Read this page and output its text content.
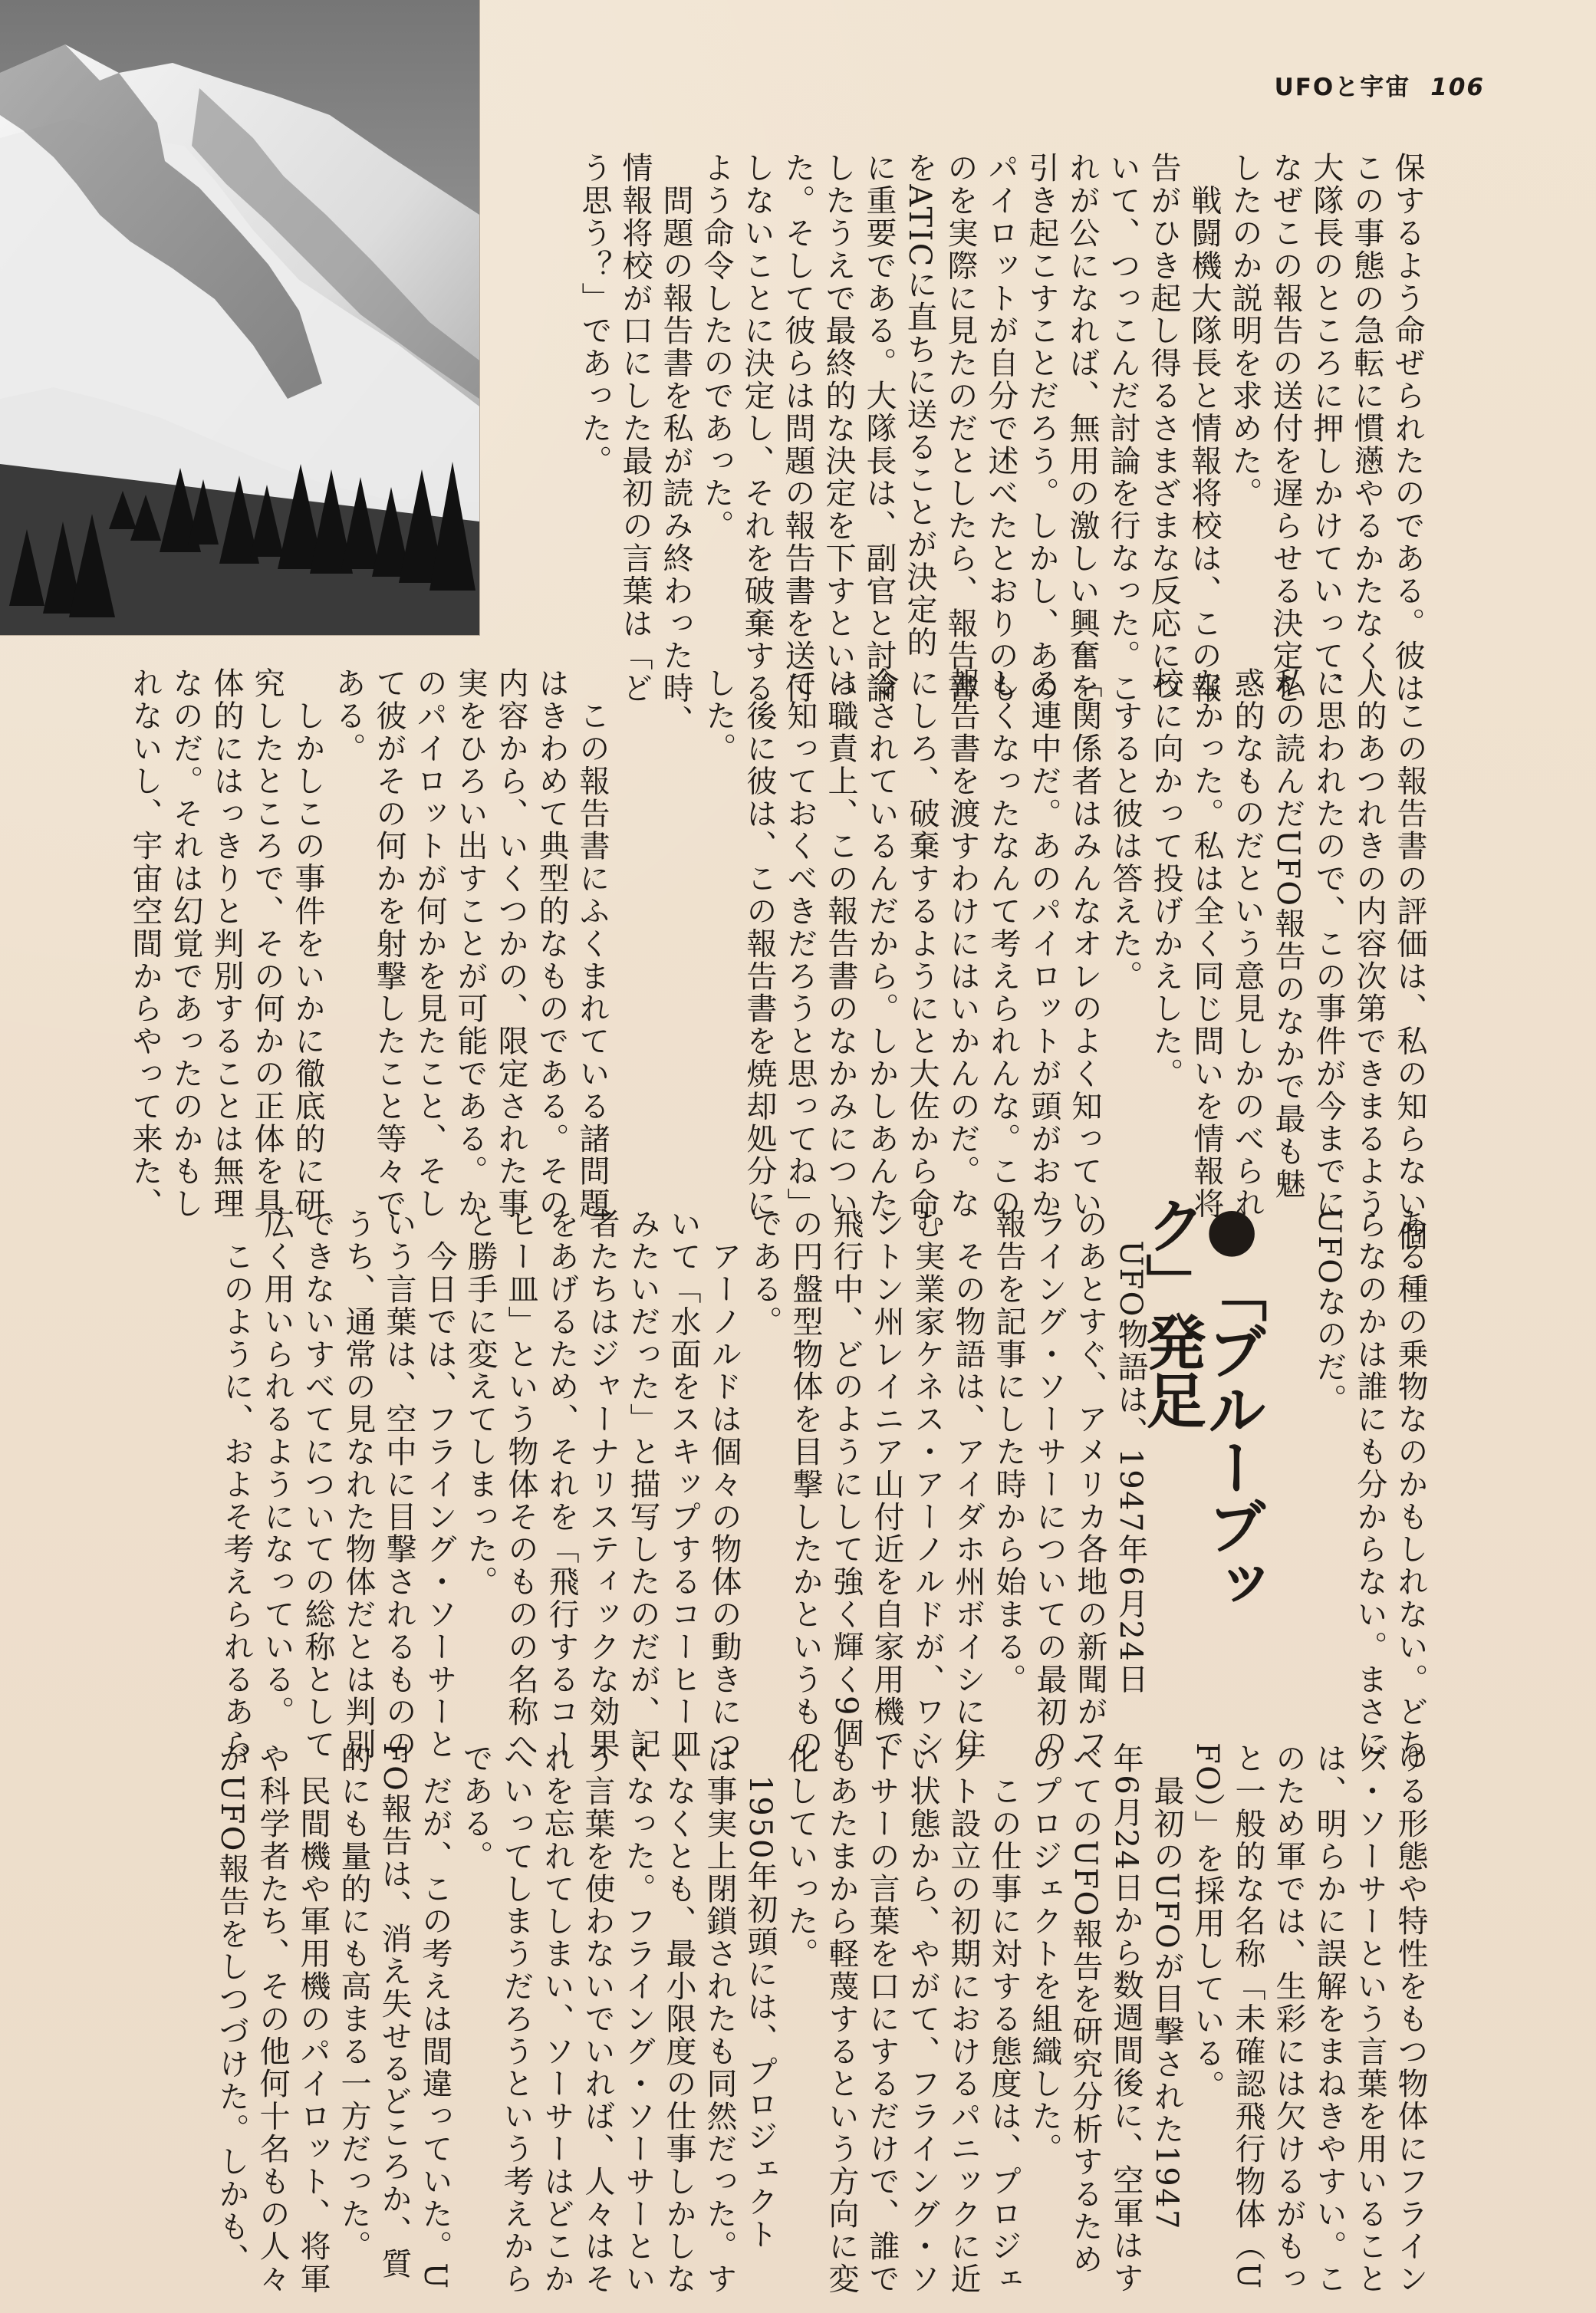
UFOと宇宙 106
保するよう命ぜられたのである。彼は
この事態の急転に慣懣やるかたなく、
大隊長のところに押しかけていって、
なぜこの報告の送付を遅らせる決定を
したのか説明を求めた。
　戦闘機大隊長と情報将校は、この報
告がひき起し得るさまざまな反応につ
いて、つっこんだ討論を行なった。こ
れが公になれば、無用の激しい興奮を
引き起こすことだろう。しかし、あの
パイロットが自分で述べたとおりのも
のを実際に見たのだとしたら、報告書
をATICに直ちに送ることが決定的
に重要である。大隊長は、副官と討論
したうえで最終的な決定を下すといっ
た。そして彼らは問題の報告書を送付
しないことに決定し、それを破棄する
よう命令したのであった。
　問題の報告書を私が読み終わった時、
情報将校が口にした最初の言葉は「ど
う思う？」であった。
　この報告書の評価は、私の知らない個
人的あつれきの内容次第できまるよう
に思われたので、この事件が今までに
私の読んだUFO報告のなかで最も魅
惑的なものだという意見しかのべられ
なかった。私は全く同じ問いを情報将
校に向かって投げかえした。
　すると彼は答えた。
「関係者はみんなオレのよく知ってい
る連中だ。あのパイロットが頭がおか
しくなったなんて考えられんな。この
報告書を渡すわけにはいかんのだ。な
にしろ、破棄するようにと大佐から命
令されているんだから。しかしあんた
は職責上、この報告書のなかみについ
て知っておくべきだろうと思ってね」
　後に彼は、この報告書を焼却処分に
した。
　この報告書にふくまれている諸問題
はきわめて典型的なものである。その
内容から、いくつかの、限定された事
実をひろい出すことが可能である。か
のパイロットが何かを見たこと、そし
て彼がその何かを射撃したこと等々で
ある。
　しかしこの事件をいかに徹底的に研
究したところで、その何かの正体を具
体的にはっきりと判別することは無理
なのだ。それは幻覚であったのかもし
れないし、宇宙空間からやって来た、
ある種の乗物なのかもしれない。どち
らなのかは誰にも分からない。まさに、
UFOなのだ。
●「ブルーブッ
ク」発足
　UFO物語は、1947年6月24日
のあとすぐ、アメリカ各地の新聞がフ
ライング・ソーサーについての最初の
報告を記事にした時から始まる。
　その物語は、アイダホ州ボイシに住
む実業家ケネス・アーノルドが、ワシ
ントン州レイニア山付近を自家用機で
飛行中、どのようにして強く輝く9個
の円盤型物体を目撃したかというもの
である。
　アーノルドは個々の物体の動きにつ
いて「水面をスキップするコーヒー皿
みたいだった」と描写したのだが、記
者たちはジャーナリスティックな効果
をあげるため、それを「飛行するコー
ヒー皿」という物体そのものの名称へ
と勝手に変えてしまった。
　今日では、フライング・ソーサーと
いう言葉は、空中に目撃されるものの
うち、通常の見なれた物体だとは判別
できないすべてについての総称として
広く用いられるようになっている。
　このように、およそ考えられるあら
ゆる形態や特性をもつ物体にフライン
グ・ソーサーという言葉を用いること
は、明らかに誤解をまねきやすい。こ
のため軍では、生彩には欠けるがもっ
と一般的な名称「未確認飛行物体（U
FO）」を採用している。
　最初のUFOが目撃された1947
年6月24日から数週間後に、空軍はす
べてのUFO報告を研究分析するため
のプロジェクトを組織した。
　この仕事に対する態度は、プロジェ
クト設立の初期におけるパニックに近
い状態から、やがて、フライング・ソ
ーサーの言葉を口にするだけで、誰で
もあたまから軽蔑するという方向に変
化していった。
　1950年初頭には、プロジェクト
は事実上閉鎖されたも同然だった。す
くなくとも、最小限度の仕事しかしな
くなった。フライング・ソーサーとい
う言葉を使わないでいれば、人々はそ
れを忘れてしまい、ソーサーはどこか
へいってしまうだろうという考えから
である。
　だが、この考えは間違っていた。U
FO報告は、消え失せるどころか、質
的にも量的にも高まる一方だった。
　民間機や軍用機のパイロット、将軍
や科学者たち、その他何十名もの人々
がUFO報告をしつづけた。しかも、
